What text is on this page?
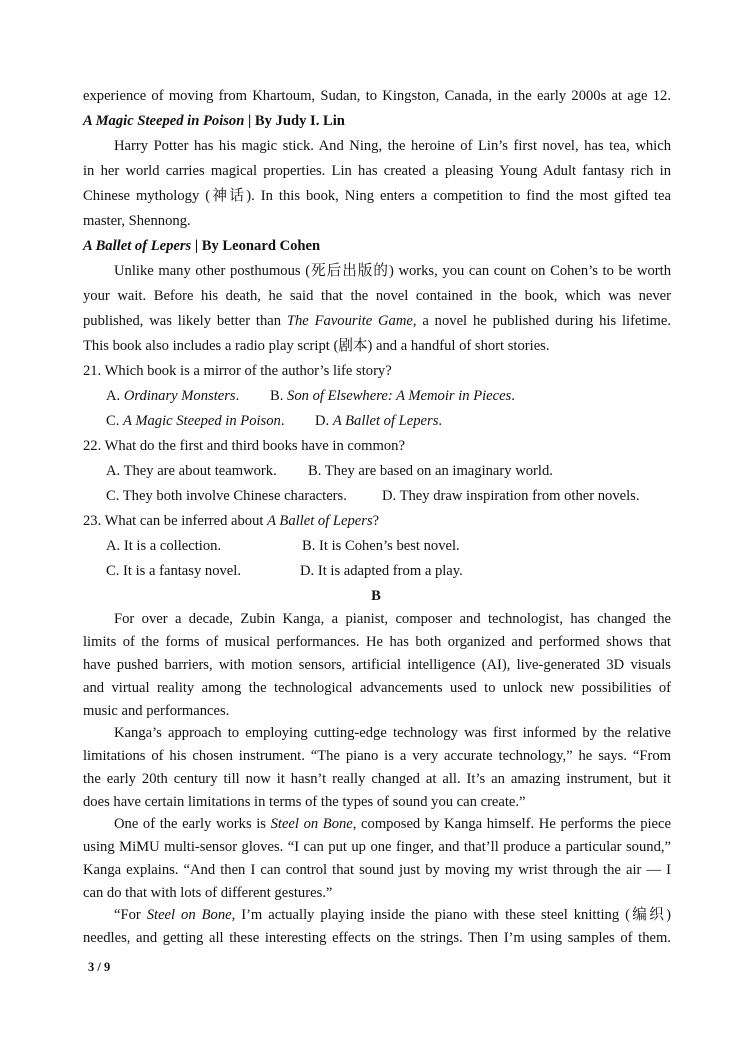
experience of moving from Khartoum, Sudan, to Kingston, Canada, in the early 2000s at age 12.
A Magic Steeped in Poison | By Judy I. Lin
Harry Potter has his magic stick. And Ning, the heroine of Lin’s first novel, has tea, which
in her world carries magical properties. Lin has created a pleasing Young Adult fantasy rich in
Chinese mythology (神话). In this book, Ning enters a competition to find the most gifted tea
master, Shennong.
A Ballet of Lepers | By Leonard Cohen
Unlike many other posthumous (死后出版的) works, you can count on Cohen’s to be worth
your wait. Before his death, he said that the novel contained in the book, which was never
published, was likely better than The Favourite Game, a novel he published during his lifetime.
This book also includes a radio play script (剧本) and a handful of short stories.
21. Which book is a mirror of the author’s life story?
A. Ordinary Monsters. B. Son of Elsewhere: A Memoir in Pieces.
C. A Magic Steeped in Poison. D. A Ballet of Lepers.
22. What do the first and third books have in common?
A. They are about teamwork. B. They are based on an imaginary world.
C. They both involve Chinese characters. D. They draw inspiration from other novels.
23. What can be inferred about A Ballet of Lepers?
A. It is a collection.	B. It is Cohen’s best novel.
C. It is a fantasy novel.	D. It is adapted from a play.
B
For over a decade, Zubin Kanga, a pianist, composer and technologist, has changed the
limits of the forms of musical performances. He has both organized and performed shows that
have pushed barriers, with motion sensors, artificial intelligence (AI), live-generated 3D visuals
and virtual reality among the technological advancements used to unlock new possibilities of
music and performances.
Kanga’s approach to employing cutting-edge technology was first informed by the relative
limitations of his chosen instrument. “The piano is a very accurate technology,” he says. “From
the early 20th century till now it hasn’t really changed at all. It’s an amazing instrument, but it
does have certain limitations in terms of the types of sound you can create.”
One of the early works is Steel on Bone, composed by Kanga himself. He performs the piece
using MiMU multi-sensor gloves. “I can put up one finger, and that’ll produce a particular sound,”
Kanga explains. “And then I can control that sound just by moving my wrist through the air — I
can do that with lots of different gestures.”
“For Steel on Bone, I’m actually playing inside the piano with these steel knitting (编织)
needles, and getting all these interesting effects on the strings. Then I’m using samples of them.
3 / 9
